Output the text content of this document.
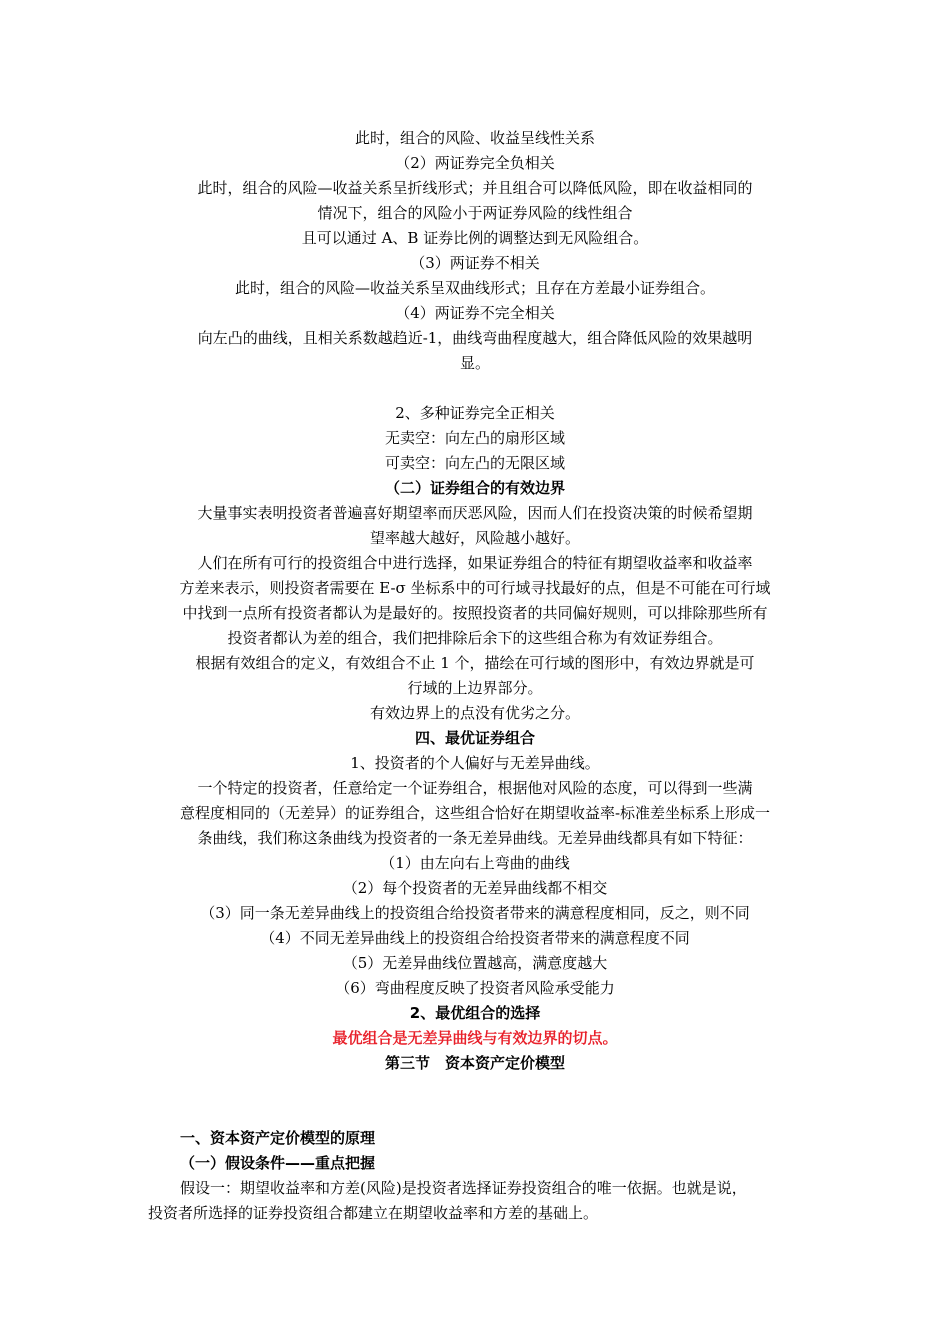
此时，组合的风险、收益呈线性关系
（2）两证券完全负相关
此时，组合的风险—收益关系呈折线形式；并且组合可以降低风险，即在收益相同的
情况下，组合的风险小于两证券风险的线性组合
且可以通过 A、B 证券比例的调整达到无风险组合。
（3）两证券不相关
此时，组合的风险—收益关系呈双曲线形式；且存在方差最小证券组合。
（4）两证券不完全相关
向左凸的曲线，且相关系数越趋近-1，曲线弯曲程度越大，组合降低风险的效果越明
显。
2、多种证券完全正相关
无卖空：向左凸的扇形区域
可卖空：向左凸的无限区域
（二）证券组合的有效边界
大量事实表明投资者普遍喜好期望率而厌恶风险，因而人们在投资决策的时候希望期
望率越大越好，风险越小越好。
人们在所有可行的投资组合中进行选择，如果证券组合的特征有期望收益率和收益率
方差来表示，则投资者需要在 E-σ 坐标系中的可行域寻找最好的点，但是不可能在可行域
中找到一点所有投资者都认为是最好的。按照投资者的共同偏好规则，可以排除那些所有
投资者都认为差的组合，我们把排除后余下的这些组合称为有效证券组合。
根据有效组合的定义，有效组合不止 1 个，描绘在可行域的图形中，有效边界就是可
行域的上边界部分。
有效边界上的点没有优劣之分。
四、最优证券组合
1、投资者的个人偏好与无差异曲线。
一个特定的投资者，任意给定一个证券组合，根据他对风险的态度，可以得到一些满
意程度相同的（无差异）的证券组合，这些组合恰好在期望收益率-标准差坐标系上形成一
条曲线，我们称这条曲线为投资者的一条无差异曲线。无差异曲线都具有如下特征：
（1）由左向右上弯曲的曲线
（2）每个投资者的无差异曲线都不相交
（3）同一条无差异曲线上的投资组合给投资者带来的满意程度相同，反之，则不同
（4）不同无差异曲线上的投资组合给投资者带来的满意程度不同
（5）无差异曲线位置越高，满意度越大
（6）弯曲程度反映了投资者风险承受能力
2、最优组合的选择
最优组合是无差异曲线与有效边界的切点。
第三节　资本资产定价模型
一、资本资产定价模型的原理
（一）假设条件——重点把握
假设一：期望收益率和方差(风险)是投资者选择证券投资组合的唯一依据。也就是说，
投资者所选择的证券投资组合都建立在期望收益率和方差的基础上。
